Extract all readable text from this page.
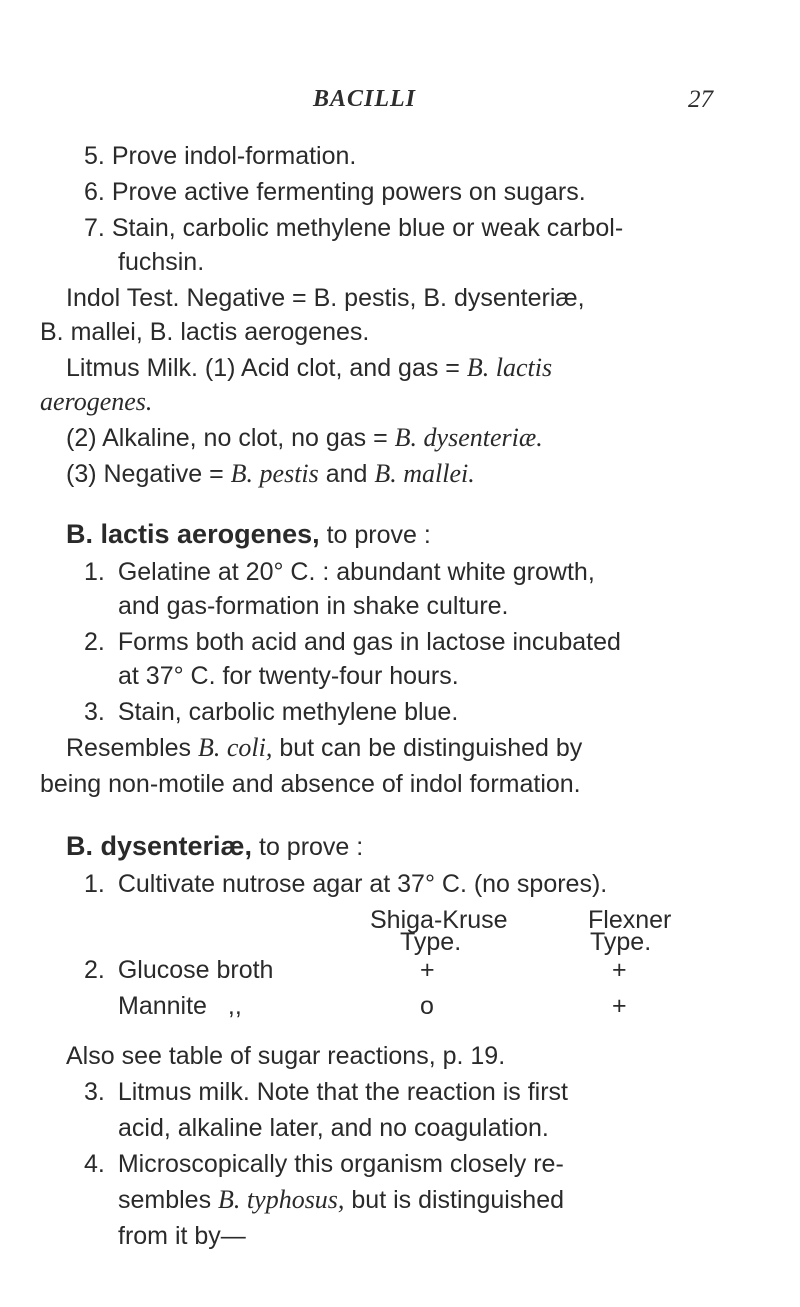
BACILLI	27
5. Prove indol-formation.
6. Prove active fermenting powers on sugars.
7. Stain, carbolic methylene blue or weak carbol-
fuchsin.
Indol Test. Negative = B. pestis, B. dysenteriæ,
B. mallei, B. lactis aerogenes.
Litmus Milk. (1) Acid clot, and gas = B. lactis
aerogenes.
(2) Alkaline, no clot, no gas = B. dysenteriæ.
(3) Negative = B. pestis and B. mallei.
B. lactis aerogenes, to prove :
1. Gelatine at 20° C. : abundant white growth,
and gas-formation in shake culture.
2. Forms both acid and gas in lactose incubated
at 37° C. for twenty-four hours.
3. Stain, carbolic methylene blue.
Resembles B. coli, but can be distinguished by
being non-motile and absence of indol formation.
B. dysenteriæ, to prove :
1. Cultivate nutrose agar at 37° C. (no spores).
Shiga-Kruse
Type.
Flexner
Type.
2. Glucose broth	+	+
Mannite ,,	o	+
Also see table of sugar reactions, p. 19.
3. Litmus milk. Note that the reaction is first
acid, alkaline later, and no coagulation.
4. Microscopically this organism closely re-
sembles B. typhosus, but is distinguished
from it by—
